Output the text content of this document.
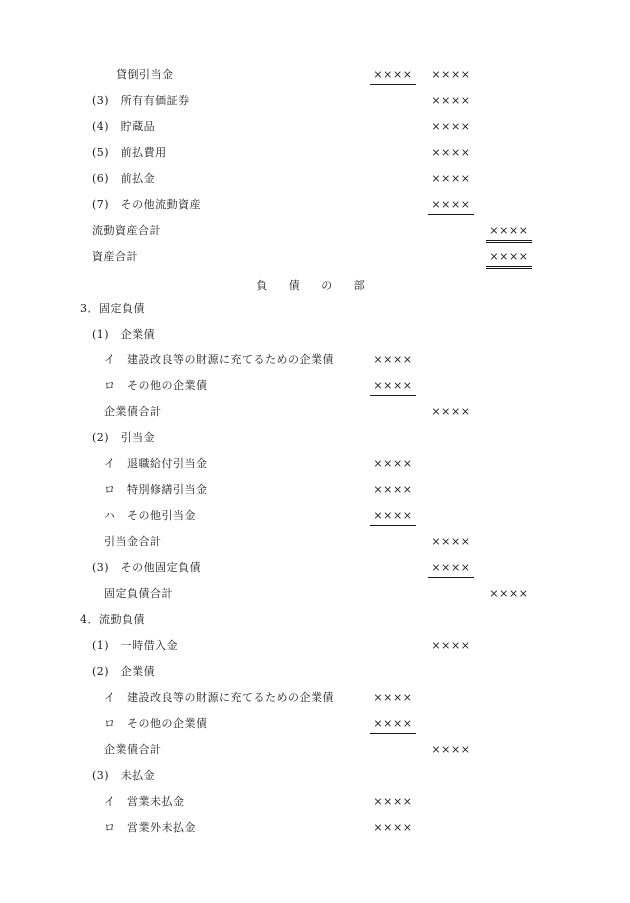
貸倒引当金	××××	××××
(3)　所有有価証券	××××
(4)　貯蔵品	××××
(5)　前払費用	××××
(6)　前払金	××××
(7)　その他流動資産	××××
流動資産合計	××××
資産合計	××××
負 債 の 部
3．固定負債
(1)　企業債
イ　建設改良等の財源に充てるための企業債	××××
ロ　その他の企業債	××××
企業債合計	××××
(2)　引当金
イ　退職給付引当金	××××
ロ　特別修繕引当金	××××
ハ　その他引当金	××××
引当金合計	××××
(3)　その他固定負債	××××
固定負債合計	××××
4．流動負債
(1)　一時借入金	××××
(2)　企業債
イ　建設改良等の財源に充てるための企業債	××××
ロ　その他の企業債	××××
企業債合計	××××
(3)　未払金
イ　営業未払金	××××
ロ　営業外未払金	××××
